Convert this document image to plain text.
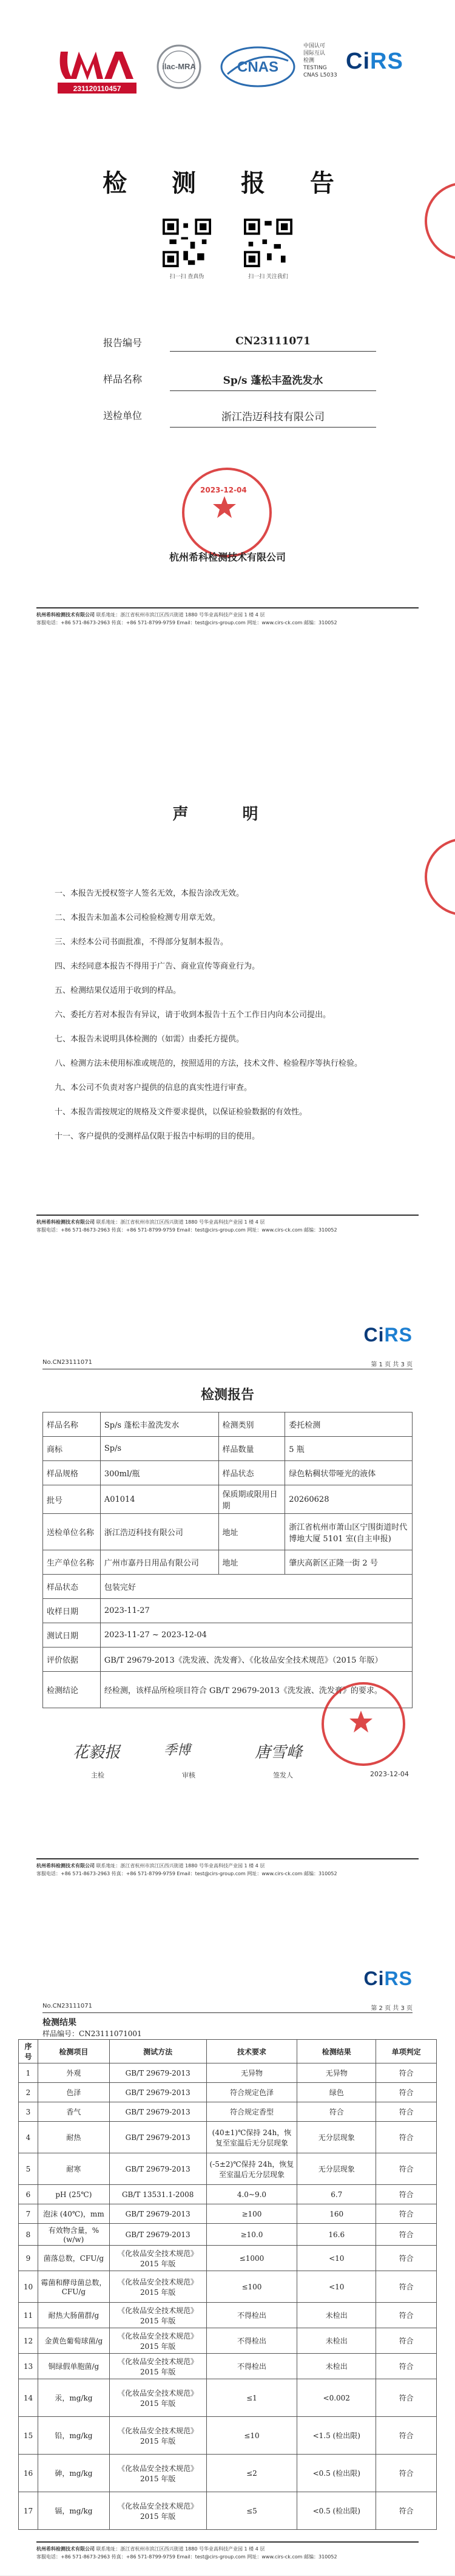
231120110457
ilac-MRA	CNAS
中国认可
国际互认
检测
TESTING
CNAS L5033
CiRS
检 测 报 告
扫一扫 查真伪	扫一扫 关注我们
报告编号	CN23111071
样品名称	Sp/s 蓬松丰盈洗发水
送检单位	浙江浩迈科技有限公司
2023-12-04
杭州希科检测技术有限公司
杭州希科检测技术有限公司 联系地址：浙江省杭州市滨江区西兴街道 1880 号华业高科技产业园 1 楼 4 层
客服电话：+86 571-8673-2963 传真：+86 571-8799-9759 Email：test@cirs-group.com 网址：www.cirs-ck.com 邮编：310052
声 明
一、本报告无授权签字人签名无效，本报告涂改无效。
二、本报告未加盖本公司检验检测专用章无效。
三、未经本公司书面批准，不得部分复制本报告。
四、未经同意本报告不得用于广告、商业宣传等商业行为。
五、检测结果仅适用于收到的样品。
六、委托方若对本报告有异议，请于收到本报告十五个工作日内向本公司提出。
七、本报告未说明具体检测的（如需）由委托方提供。
八、检测方法未使用标准或规范的，按照适用的方法，技术文件、检验程序等执行检验。
九、本公司不负责对客户提供的信息的真实性进行审查。
十、本报告需按规定的规格及文件要求提供，以保证检验数据的有效性。
十一、客户提供的受测样品仅限于报告中标明的目的使用。
杭州希科检测技术有限公司 联系地址：浙江省杭州市滨江区西兴街道 1880 号华业高科技产业园 1 楼 4 层
客服电话：+86 571-8673-2963 传真：+86 571-8799-9759 Email：test@cirs-group.com 网址：www.cirs-ck.com 邮编：310052
CiRS
No.CN23111071	第 1 页 共 3 页
检测报告
样品名称	Sp/s 蓬松丰盈洗发水	检测类别	委托检测
商标	Sp/s	样品数量	5 瓶
样品规格	300ml/瓶	样品状态	绿色粘稠状带哑光的液体
批号	A01014	保质期或限用日期	20260628
送检单位名称	浙江浩迈科技有限公司	地址	浙江省杭州市萧山区宁围街道时代博地大厦 5101 室(自主申报)
生产单位名称	广州市嘉丹日用品有限公司	地址	肇庆高新区正隆一街 2 号
样品状态	包装完好		
收样日期	2023-11-27		
测试日期	2023-11-27 ~ 2023-12-04		
评价依据	GB/T 29679-2013《洗发液、洗发膏》、《化妆品安全技术规范》（2015 年版）		
检测结论	经检测，该样品所检项目符合 GB/T 29679-2013《洗发液、洗发膏》的要求。		
花毅报
主检
季博
审核
唐雪峰
签发人	2023-12-04
杭州希科检测技术有限公司 联系地址：浙江省杭州市滨江区西兴街道 1880 号华业高科技产业园 1 楼 4 层
客服电话：+86 571-8673-2963 传真：+86 571-8799-9759 Email：test@cirs-group.com 网址：www.cirs-ck.com 邮编：310052
CiRS
No.CN23111071	第 2 页 共 3 页
检测结果
样品编号：CN23111071001
序号	检测项目	测试方法	技术要求	检测结果	单项判定
1	外观	GB/T 29679-2013	无异物	无异物	符合
2	色泽	GB/T 29679-2013	符合规定色泽	绿色	符合
3	香气	GB/T 29679-2013	符合规定香型	符合	符合
4	耐热	GB/T 29679-2013	(40±1)℃保持 24h，恢复至室温后无分层现象	无分层现象	符合
5	耐寒	GB/T 29679-2013	(-5±2)℃保持 24h，恢复至室温后无分层现象	无分层现象	符合
6	pH (25℃)	GB/T 13531.1-2008	4.0~9.0	6.7	符合
7	泡沫 (40℃)，mm	GB/T 29679-2013	≥100	160	符合
8	有效物含量，%(w/w)	GB/T 29679-2013	≥10.0	16.6	符合
9	菌落总数，CFU/g	《化妆品安全技术规范》2015 年版	≤1000	<10	符合
10	霉菌和酵母菌总数，CFU/g	《化妆品安全技术规范》2015 年版	≤100	<10	符合
11	耐热大肠菌群/g	《化妆品安全技术规范》2015 年版	不得检出	未检出	符合
12	金黄色葡萄球菌/g	《化妆品安全技术规范》2015 年版	不得检出	未检出	符合
13	铜绿假单胞菌/g	《化妆品安全技术规范》2015 年版	不得检出	未检出	符合
14	汞，mg/kg	《化妆品安全技术规范》2015 年版	≤1	<0.002	符合
15	铅，mg/kg	《化妆品安全技术规范》2015 年版	≤10	<1.5 (检出限)	符合
16	砷，mg/kg	《化妆品安全技术规范》2015 年版	≤2	<0.5 (检出限)	符合
17	镉，mg/kg	《化妆品安全技术规范》2015 年版	≤5	<0.5 (检出限)	符合
杭州希科检测技术有限公司 联系地址：浙江省杭州市滨江区西兴街道 1880 号华业高科技产业园 1 楼 4 层
客服电话：+86 571-8673-2963 传真：+86 571-8799-9759 Email：test@cirs-group.com 网址：www.cirs-ck.com 邮编：310052
